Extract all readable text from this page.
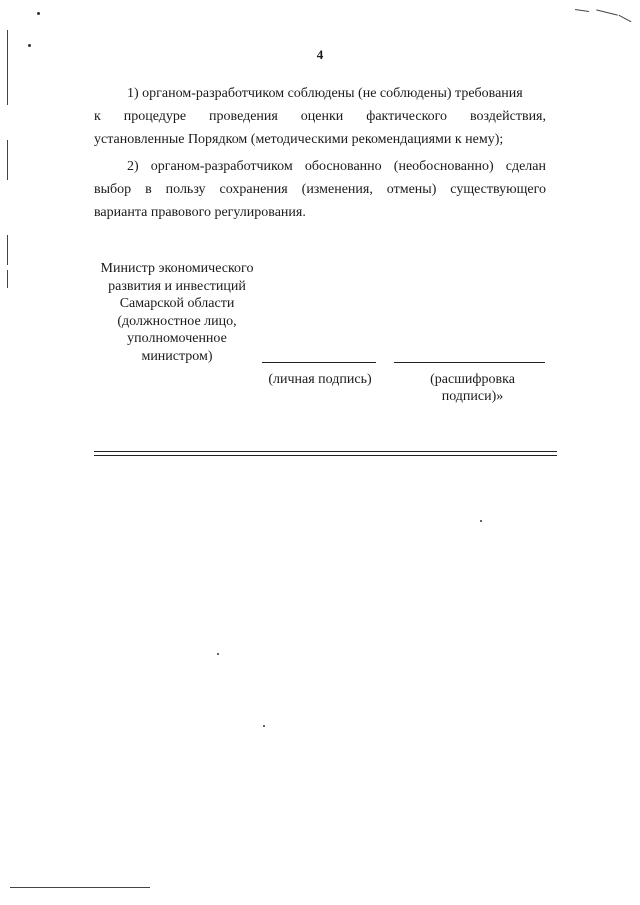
4
1) органом-разработчиком соблюдены (не соблюдены) требования
к процедуре проведения оценки фактического воздействия,
установленные Порядком (методическими рекомендациями к нему);
2) органом-разработчиком обоснованно (необоснованно) сделан
выбор в пользу сохранения (изменения, отмены) существующего
варианта правового регулирования.
Министр экономического
развития и инвестиций
Самарской области
(должностное лицо,
уполномоченное
министром)
(личная подпись)	(расшифровка
подписи)»
